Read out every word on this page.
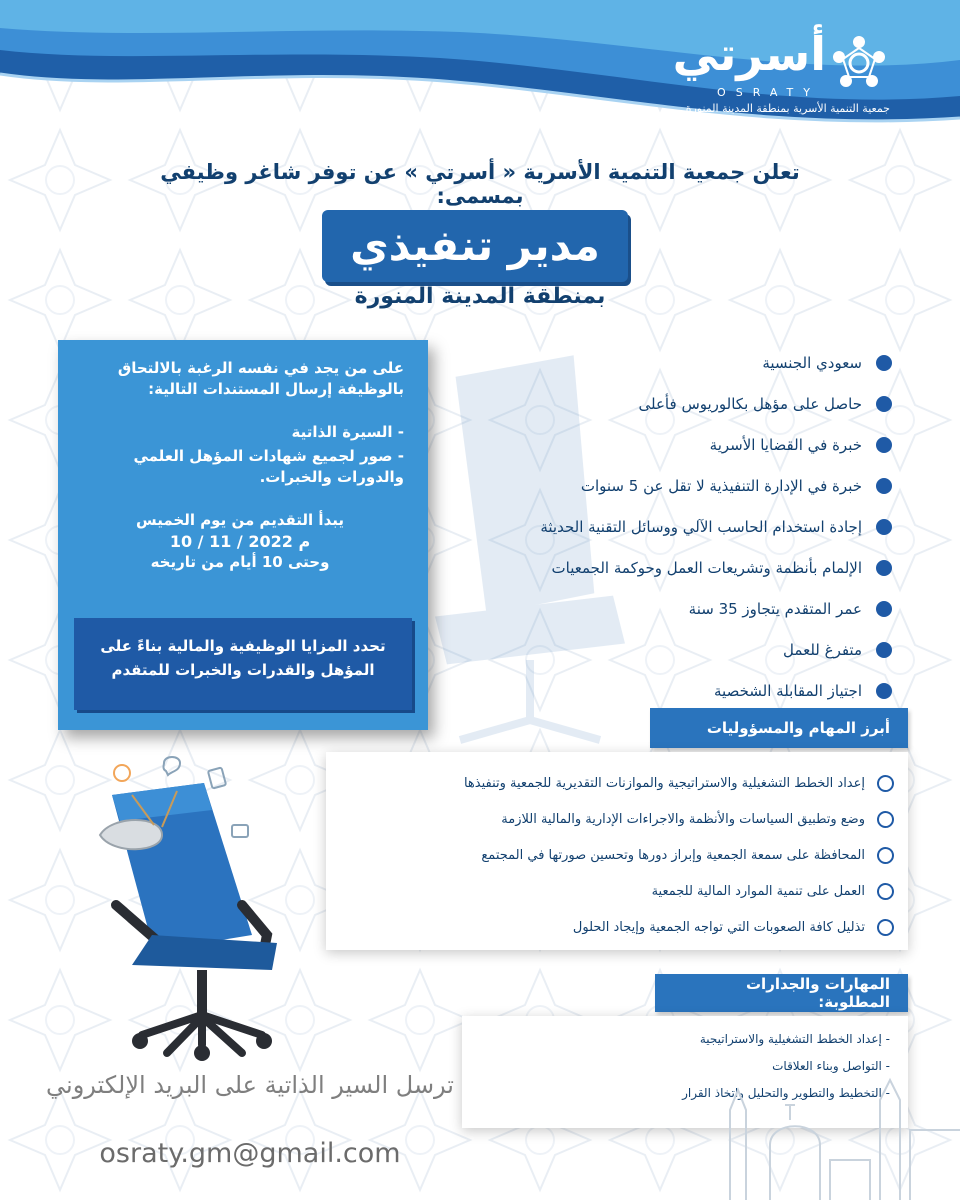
أسرتي
OSRATY
جمعية التنمية الأسرية بمنطقة المدينة المنورة
تعلن جمعية التنمية الأسرية « أسرتي » عن توفر شاغر وظيفي بمسمى:
مدير تنفيذي
بمنطقة المدينة المنورة
سعودي الجنسية
حاصل على مؤهل بكالوريوس فأعلى
خبرة في القضايا الأسرية
خبرة في الإدارة التنفيذية لا تقل عن 5 سنوات
إجادة استخدام الحاسب الآلي ووسائل التقنية الحديثة
الإلمام بأنظمة وتشريعات العمل وحوكمة الجمعيات
عمر المتقدم يتجاوز 35 سنة
متفرغ للعمل
اجتياز المقابلة الشخصية

على من يجد في نفسه الرغبة بالالتحاق بالوظيفة إرسال المستندات التالية:

- السيرة الذاتية
- صور لجميع شهادات المؤهل العلمي والدورات والخبرات.
يبدأ التقديم من يوم الخميس
10 / 11 / 2022 م
وحتى 10 أيام من تاريخه
تحدد المزايا الوظيفية والمالية بناءً على المؤهل والقدرات والخبرات للمتقدم
أبرز المهام والمسؤوليات
إعداد الخطط التشغيلية والاستراتيجية والموازنات التقديرية للجمعية وتنفيذها
وضع وتطبيق السياسات والأنظمة والاجراءات الإدارية والمالية اللازمة
المحافظة على سمعة الجمعية وإبراز دورها وتحسين صورتها في المجتمع
العمل على تنمية الموارد المالية للجمعية
تذليل كافة الصعوبات التي تواجه الجمعية وإيجاد الحلول
المهارات والجدارات المطلوبة:
- إعداد الخطط التشغيلية والاستراتيجية
- التواصل وبناء العلاقات
- التخطيط والتطوير والتحليل واتخاذ القرار
ترسل السير الذاتية على البريد الإلكتروني
osraty.gm@gmail.com
